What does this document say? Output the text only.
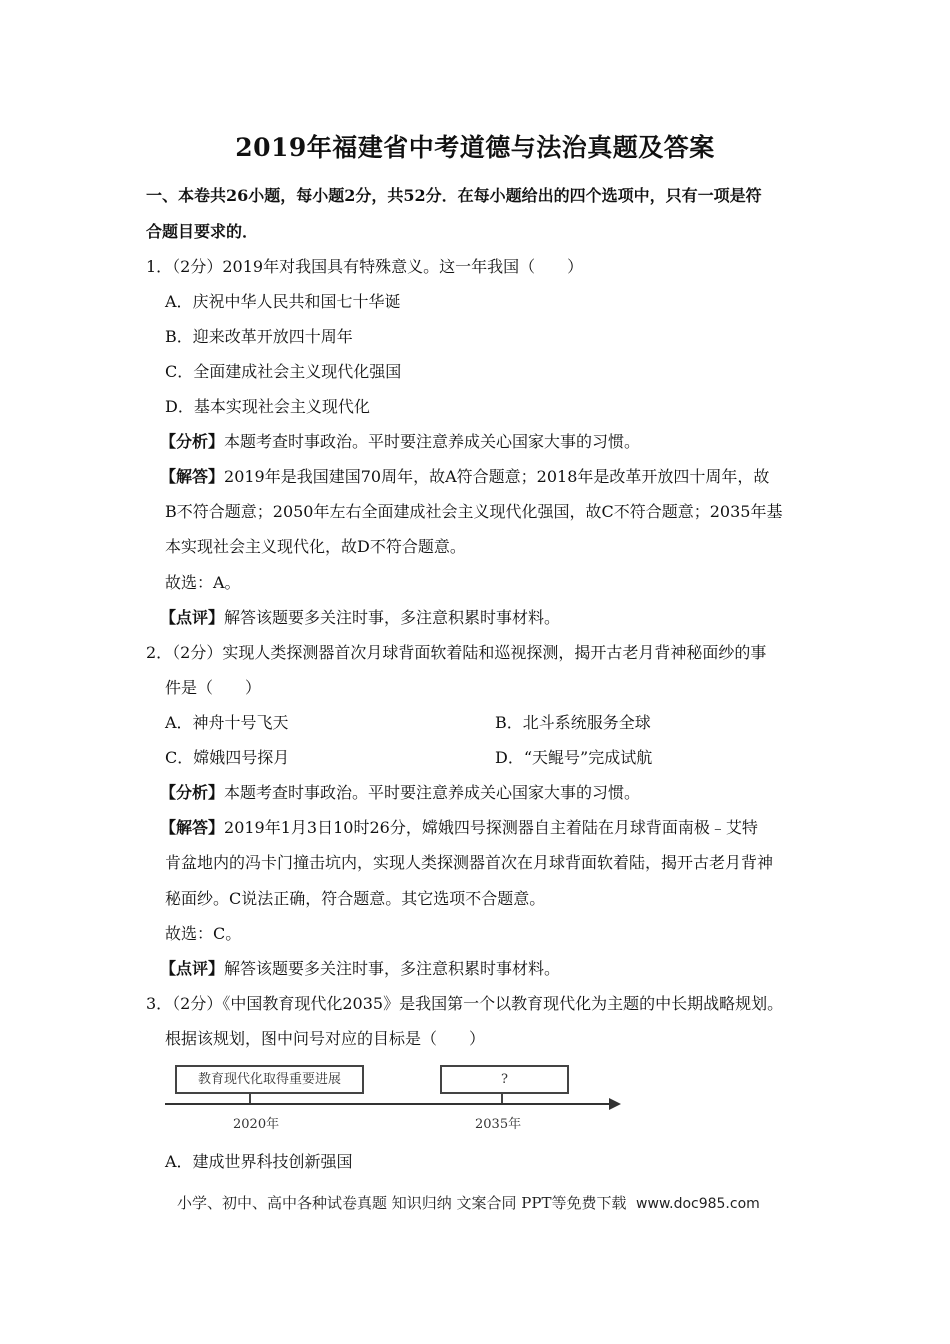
2019年福建省中考道德与法治真题及答案
一、本卷共26小题，每小题2分，共52分．在每小题给出的四个选项中，只有一项是符
合题目要求的．
1．（2分）2019年对我国具有特殊意义。这一年我国（　　）
A．庆祝中华人民共和国七十华诞
B．迎来改革开放四十周年
C．全面建成社会主义现代化强国
D．基本实现社会主义现代化
【分析】本题考查时事政治。平时要注意养成关心国家大事的习惯。
【解答】2019年是我国建国70周年，故A符合题意；2018年是改革开放四十周年，故
B不符合题意；2050年左右全面建成社会主义现代化强国，故C不符合题意；2035年基
本实现社会主义现代化，故D不符合题意。
故选：A。
【点评】解答该题要多关注时事，多注意积累时事材料。
2．（2分）实现人类探测器首次月球背面软着陆和巡视探测，揭开古老月背神秘面纱的事
件是（　　）
A．神舟十号飞天	B．北斗系统服务全球
C．嫦娥四号探月	D．“天鲲号”完成试航
【分析】本题考查时事政治。平时要注意养成关心国家大事的习惯。
【解答】2019年1月3日10时26分，嫦娥四号探测器自主着陆在月球背面南极﹣艾特
肯盆地内的冯卡门撞击坑内，实现人类探测器首次在月球背面软着陆，揭开古老月背神
秘面纱。C说法正确，符合题意。其它选项不合题意。
故选：C。
【点评】解答该题要多关注时事，多注意积累时事材料。
3．（2分）《中国教育现代化2035》是我国第一个以教育现代化为主题的中长期战略规划。
根据该规划，图中问号对应的目标是（　　）
教育现代化取得重要进展	?
2020年	2035年
A．建成世界科技创新强国
小学、初中、高中各种试卷真题 知识归纳 文案合同 PPT等免费下载 www.doc985.com
